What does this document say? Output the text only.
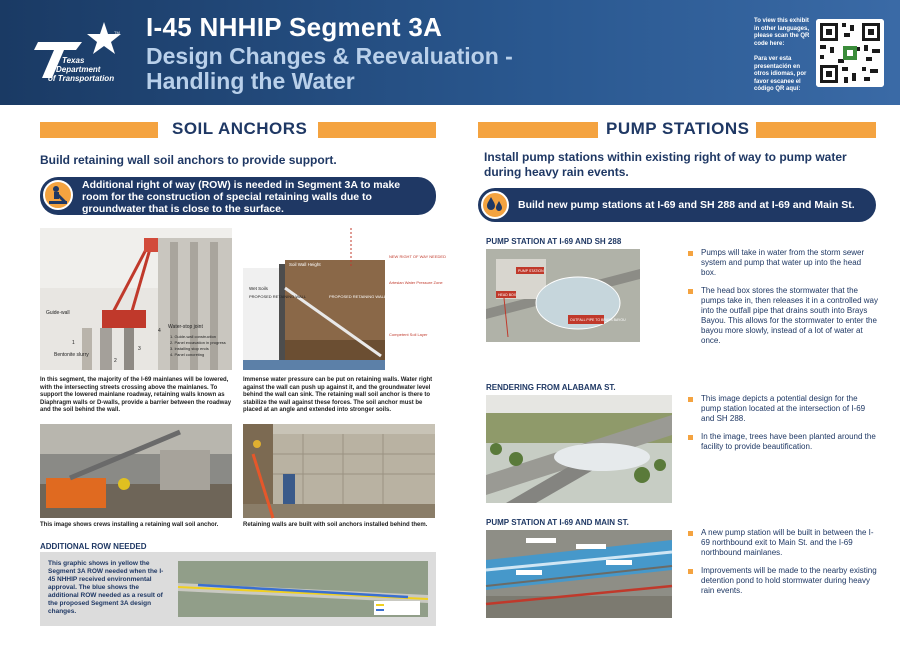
TM
Texas
Department
of Transportation
I-45 NHHIP Segment 3A
Design Changes & Reevaluation - Handling the Water
To view this exhibit in other languages, please scan the QR code here:
Para ver esta presentación en otros idiomas, por favor escanee el código QR aquí:
SOIL ANCHORS
Build retaining wall soil anchors to provide support.
Additional right of way (ROW) is needed in Segment 3A to make room for the construction of special retaining walls due to groundwater that is close to the surface.
Guide-wall
Bentonite slurry
Water-stop joint
1. Guide-wall construction
2. Panel excavation in progress
3. Installing stop ends
4. Panel concreting
1
2
3
4
Soil Wall Height
Wet Soils
PROPOSED RETAINING WALL	PROPOSED RETAINING WALL SOIL ANCHOR
NEW RIGHT OF WAY NEEDED
Artesian Water Pressure Zone
Competent Soil Layer
In this segment, the majority of the I-69 mainlanes will be lowered, with the intersecting streets crossing above the mainlanes. To support the lowered mainlane roadway, retaining walls known as Diaphragm walls or D-walls, provide a barrier between the roadway and the soil behind the wall.
Immense water pressure can be put on retaining walls. Water right against the wall can push up against it, and the groundwater level behind the wall can sink. The retaining wall soil anchor is there to stabilize the wall against these forces. The soil anchor must be placed at an angle and extended into stronger soils.
This image shows crews installing a retaining wall soil anchor.	Retaining walls are built with soil anchors installed behind them.
ADDITIONAL ROW NEEDED
This graphic shows in yellow the Segment 3A ROW needed when the I-45 NHHIP received environmental approval. The blue shows the additional ROW needed as a result of the proposed Segment 3A design changes.
PUMP STATIONS
Install pump stations within existing right of way to pump water during heavy rain events.
Build new pump stations at I-69 and SH 288 and at I-69 and Main St.
PUMP STATION AT I-69 AND SH 288
PUMP STATION
HEAD BOX
OUTFALL PIPE TO BRAYS BAYOU
Pumps will take in water from the storm sewer system and pump that water up into the head box.
The head box stores the stormwater that the pumps take in, then releases it in a controlled way into the outfall pipe that drains south into Brays Bayou. This allows for the stormwater to enter the bayou more slowly, instead of a lot of water at once.
RENDERING FROM ALABAMA ST.
This image depicts a potential design for the pump station located at the intersection of I-69 and SH 288.
In the image, trees have been planted around the facility to provide beautification.
PUMP STATION AT I-69 AND MAIN ST.
A new pump station will be built in between the I-69 northbound exit to Main St. and the I-69 northbound mainlanes.
Improvements will be made to the nearby existing detention pond to hold stormwater during heavy rain events.
